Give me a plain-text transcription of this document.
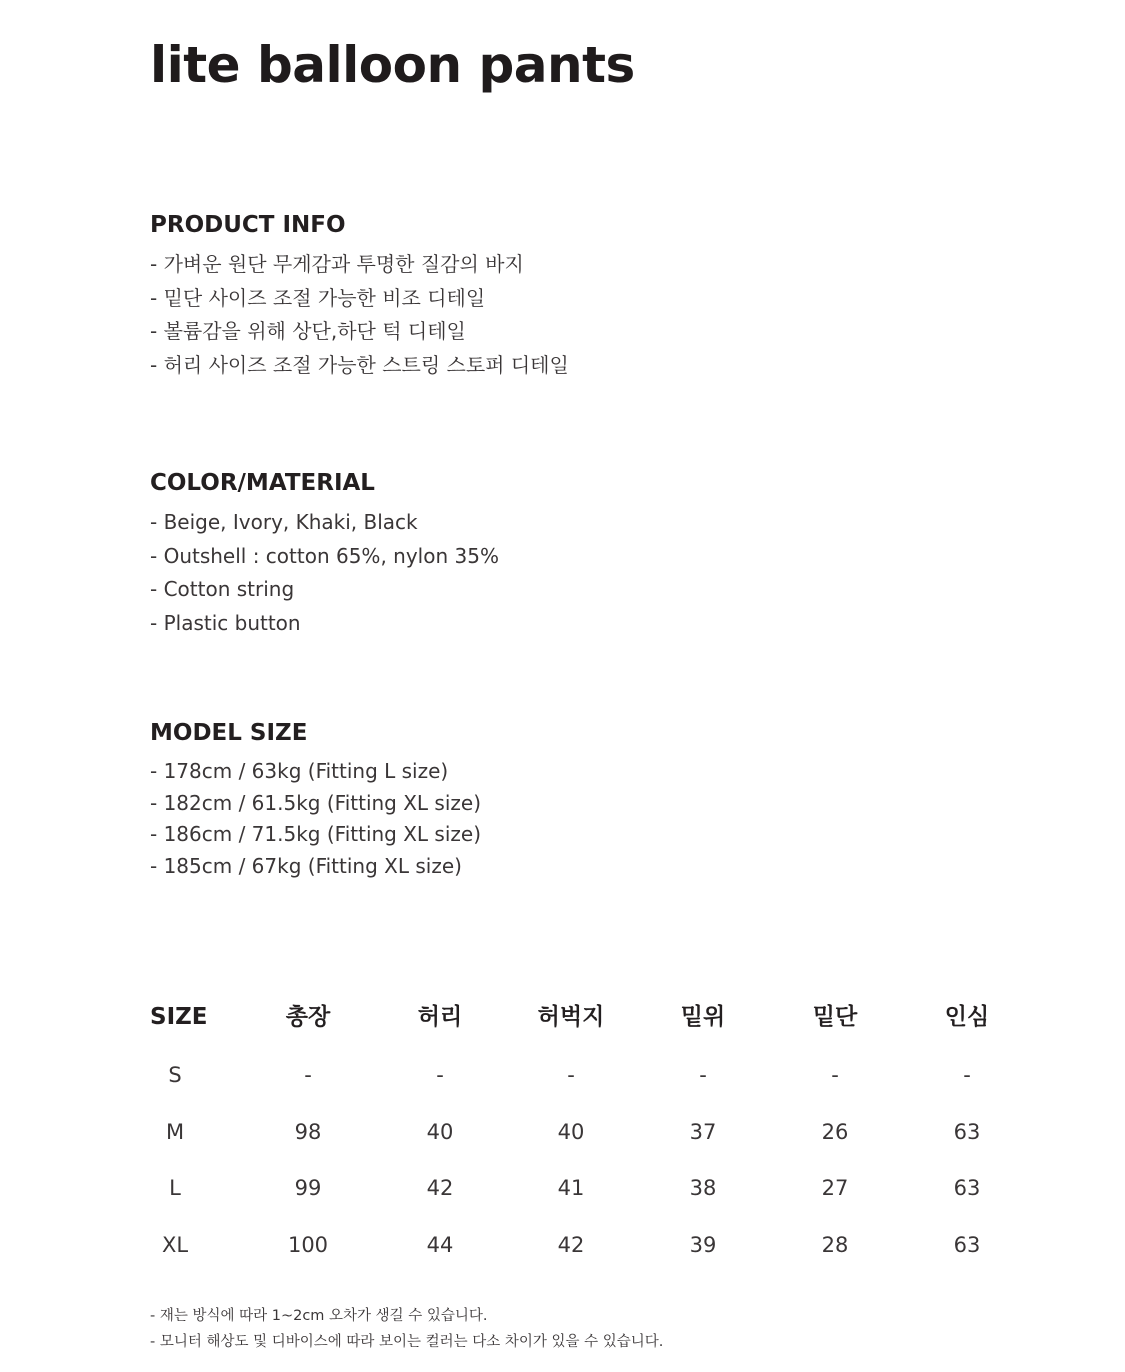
lite balloon pants
PRODUCT INFO
- 가벼운 원단 무게감과 투명한 질감의 바지
- 밑단 사이즈 조절 가능한 비조 디테일
- 볼륨감을 위해 상단,하단 턱 디테일
- 허리 사이즈 조절 가능한 스트링 스토퍼 디테일
COLOR/MATERIAL
- Beige, Ivory, Khaki, Black
- Outshell : cotton 65%, nylon 35%
- Cotton string
- Plastic button
MODEL SIZE
- 178cm / 63kg (Fitting L size)
- 182cm / 61.5kg (Fitting XL size)
- 186cm / 71.5kg (Fitting XL size)
- 185cm / 67kg (Fitting XL size)
SIZE	총장	허리	허벅지	밑위	밑단	인심
S	-	-	-	-	-	-
M	98	40	40	37	26	63
L	99	42	41	38	27	63
XL	100	44	42	39	28	63
- 재는 방식에 따라 1~2cm 오차가 생길 수 있습니다.
- 모니터 해상도 및 디바이스에 따라 보이는 컬러는 다소 차이가 있을 수 있습니다.
